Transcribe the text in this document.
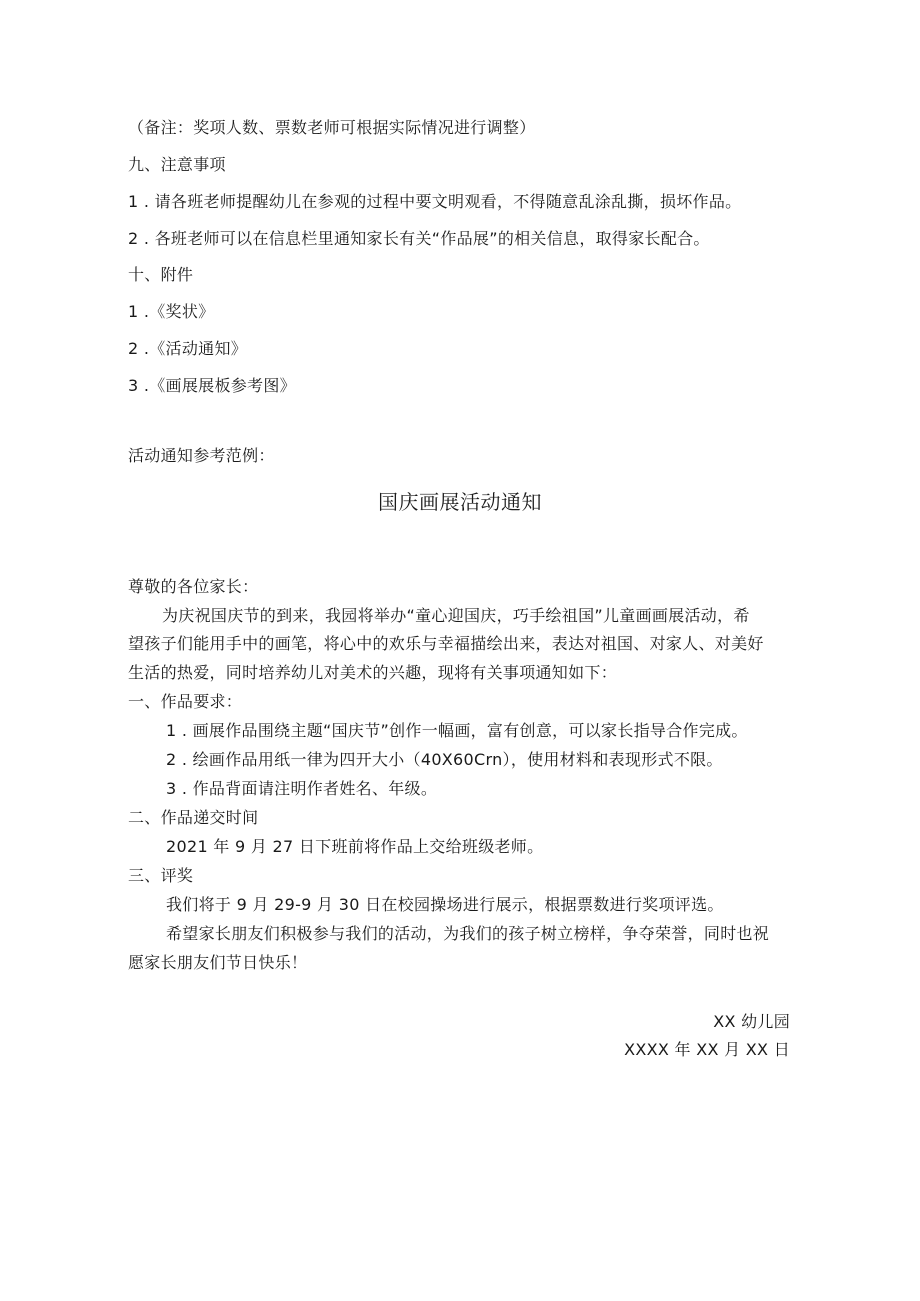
（备注：奖项人数、票数老师可根据实际情况进行调整）
九、注意事项
1 . 请各班老师提醒幼儿在参观的过程中要文明观看，不得随意乱涂乱撕，损坏作品。
2 . 各班老师可以在信息栏里通知家长有关“作品展”的相关信息，取得家长配合。
十、附件
1 .《奖状》
2 .《活动通知》
3 .《画展展板参考图》
活动通知参考范例：
国庆画展活动通知
尊敬的各位家长：
为庆祝国庆节的到来，我园将举办“童心迎国庆，巧手绘祖国”儿童画画展活动，希
望孩子们能用手中的画笔，将心中的欢乐与幸福描绘出来，表达对祖国、对家人、对美好
生活的热爱，同时培养幼儿对美术的兴趣，现将有关事项通知如下：
一、作品要求：
1 . 画展作品围绕主题“国庆节”创作一幅画，富有创意，可以家长指导合作完成。
2 . 绘画作品用纸一律为四开大小（40X60Crn），使用材料和表现形式不限。
3 . 作品背面请注明作者姓名、年级。
二、作品递交时间
2021 年 9 月 27 日下班前将作品上交给班级老师。
三、评奖
我们将于 9 月 29-9 月 30 日在校园操场进行展示，根据票数进行奖项评选。
希望家长朋友们积极参与我们的活动，为我们的孩子树立榜样，争夺荣誉，同时也祝
愿家长朋友们节日快乐！
XX 幼儿园
XXXX 年 XX 月 XX 日
